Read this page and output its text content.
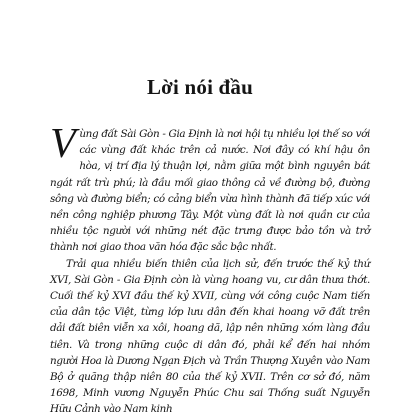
Lời nói đầu

Vùng đất Sài Gòn - Gia Định là nơi hội tụ nhiều lợi thế so với các vùng đất khác trên cả nước. Nơi đây có khí hậu ôn hòa, vị trí địa lý thuận lợi, nằm giữa một bình nguyên bát ngát rất trù phú; là đầu mối giao thông cả về đường bộ, đường sông và đường biển; có cảng biển vừa hình thành đã tiếp xúc với nền công nghiệp phương Tây. Một vùng đất là nơi quần cư của nhiều tộc người với những nét đặc trưng được bảo tồn và trở thành nơi giao thoa văn hóa đặc sắc bậc nhất.

Trải qua nhiều biến thiên của lịch sử, đến trước thế kỷ thứ XVI, Sài Gòn - Gia Định còn là vùng hoang vu, cư dân thưa thớt. Cuối thế kỷ XVI đầu thế kỷ XVII, cùng với công cuộc Nam tiến của dân tộc Việt, từng lớp lưu dân đến khai hoang vỡ đất trên dải đất biên viễn xa xôi, hoang dã, lập nên những xóm làng đầu tiên. Và trong những cuộc di dân đó, phải kể đến hai nhóm người Hoa là Dương Ngạn Địch và Trần Thượng Xuyên vào Nam Bộ ở quãng thập niên 80 của thế kỷ XVII. Trên cơ sở đó, năm 1698, Minh vương Nguyễn Phúc Chu sai Thống suất Nguyễn Hữu Cảnh vào Nam kinh
